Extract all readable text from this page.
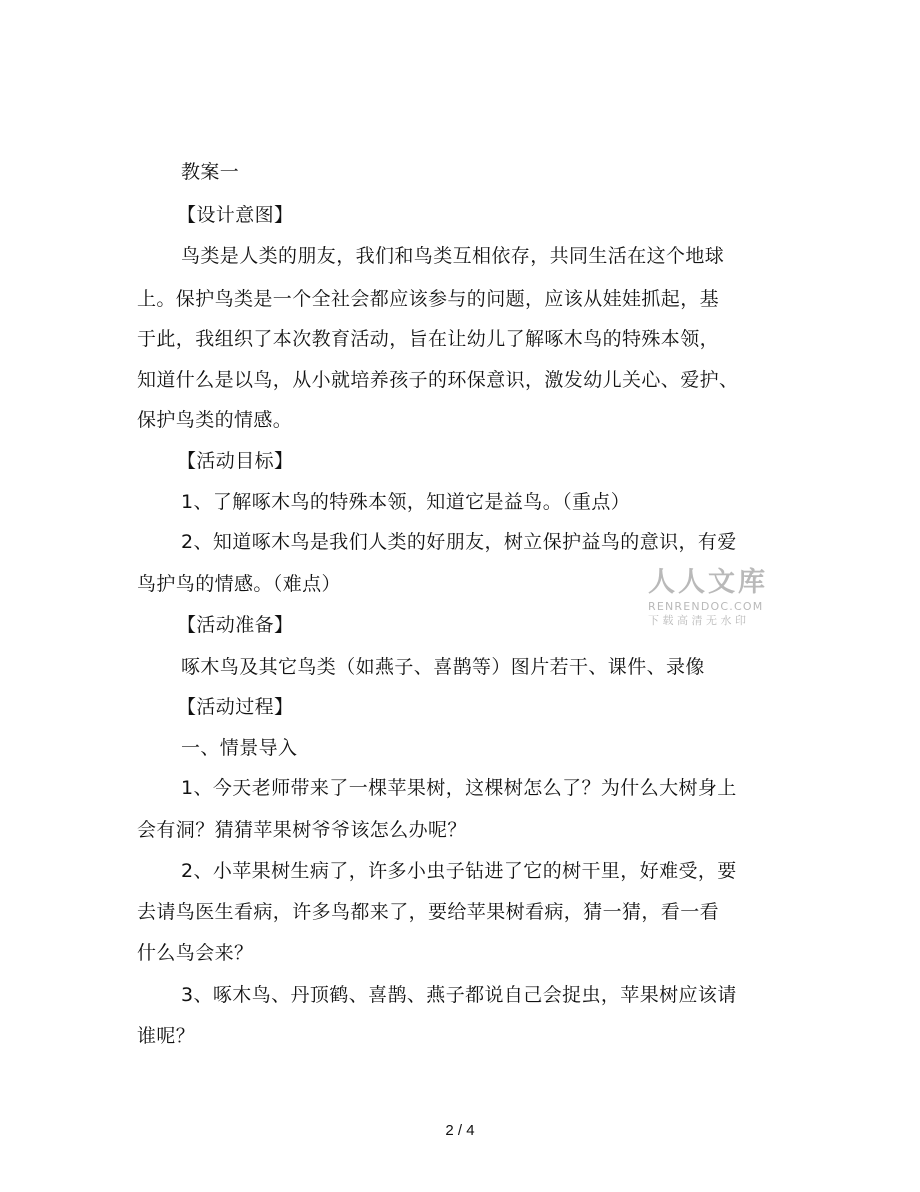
教案一
【设计意图】
鸟类是人类的朋友，我们和鸟类互相依存，共同生活在这个地球
上。保护鸟类是一个全社会都应该参与的问题，应该从娃娃抓起，基
于此，我组织了本次教育活动，旨在让幼儿了解啄木鸟的特殊本领，
知道什么是以鸟，从小就培养孩子的环保意识，激发幼儿关心、爱护、
保护鸟类的情感。
【活动目标】
1、了解啄木鸟的特殊本领，知道它是益鸟。（重点）
2、知道啄木鸟是我们人类的好朋友，树立保护益鸟的意识，有爱
鸟护鸟的情感。（难点）
【活动准备】
啄木鸟及其它鸟类（如燕子、喜鹊等）图片若干、课件、录像
【活动过程】
一、情景导入
1、今天老师带来了一棵苹果树，这棵树怎么了？为什么大树身上
会有洞？猜猜苹果树爷爷该怎么办呢？
2、小苹果树生病了，许多小虫子钻进了它的树干里，好难受，要
去请鸟医生看病，许多鸟都来了，要给苹果树看病，猜一猜，看一看
什么鸟会来？
3、啄木鸟、丹顶鹤、喜鹊、燕子都说自己会捉虫，苹果树应该请
谁呢？
人人文库
RENRENDOC.COM
下载高清无水印
2 / 4
